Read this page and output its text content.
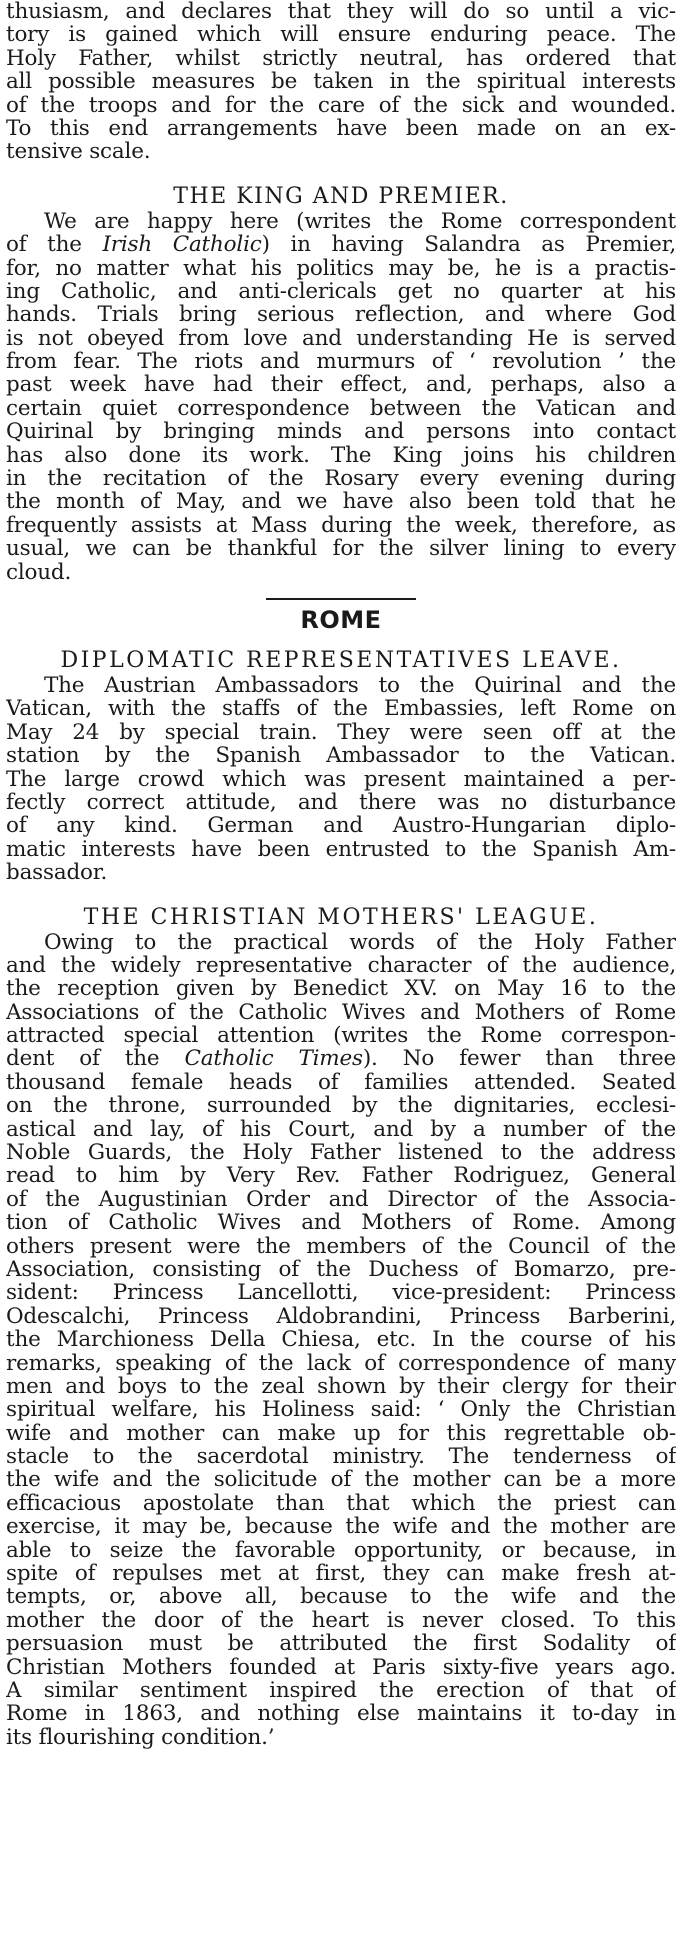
thusiasm, and declares that they will do so until a vic-
tory is gained which will ensure enduring peace. The
Holy Father, whilst strictly neutral, has ordered that
all possible measures be taken in the spiritual interests
of the troops and for the care of the sick and wounded.
To this end arrangements have been made on an ex-
tensive scale.
THE KING AND PREMIER.
We are happy here (writes the Rome correspondent
of the Irish Catholic) in having Salandra as Premier,
for, no matter what his politics may be, he is a practis-
ing Catholic, and anti-clericals get no quarter at his
hands. Trials bring serious reflection, and where God
is not obeyed from love and understanding He is served
from fear. The riots and murmurs of ‘ revolution ’ the
past week have had their effect, and, perhaps, also a
certain quiet correspondence between the Vatican and
Quirinal by bringing minds and persons into contact
has also done its work. The King joins his children
in the recitation of the Rosary every evening during
the month of May, and we have also been told that he
frequently assists at Mass during the week, therefore, as
usual, we can be thankful for the silver lining to every
cloud.
ROME
DIPLOMATIC REPRESENTATIVES LEAVE.
The Austrian Ambassadors to the Quirinal and the
Vatican, with the staffs of the Embassies, left Rome on
May 24 by special train. They were seen off at the
station by the Spanish Ambassador to the Vatican.
The large crowd which was present maintained a per-
fectly correct attitude, and there was no disturbance
of any kind. German and Austro-Hungarian diplo-
matic interests have been entrusted to the Spanish Am-
bassador.
THE CHRISTIAN MOTHERS' LEAGUE.
Owing to the practical words of the Holy Father
and the widely representative character of the audience,
the reception given by Benedict XV. on May 16 to the
Associations of the Catholic Wives and Mothers of Rome
attracted special attention (writes the Rome correspon-
dent of the Catholic Times). No fewer than three
thousand female heads of families attended. Seated
on the throne, surrounded by the dignitaries, ecclesi-
astical and lay, of his Court, and by a number of the
Noble Guards, the Holy Father listened to the address
read to him by Very Rev. Father Rodriguez, General
of the Augustinian Order and Director of the Associa-
tion of Catholic Wives and Mothers of Rome. Among
others present were the members of the Council of the
Association, consisting of the Duchess of Bomarzo, pre-
sident: Princess Lancellotti, vice-president: Princess
Odescalchi, Princess Aldobrandini, Princess Barberini,
the Marchioness Della Chiesa, etc. In the course of his
remarks, speaking of the lack of correspondence of many
men and boys to the zeal shown by their clergy for their
spiritual welfare, his Holiness said: ‘ Only the Christian
wife and mother can make up for this regrettable ob-
stacle to the sacerdotal ministry. The tenderness of
the wife and the solicitude of the mother can be a more
efficacious apostolate than that which the priest can
exercise, it may be, because the wife and the mother are
able to seize the favorable opportunity, or because, in
spite of repulses met at first, they can make fresh at-
tempts, or, above all, because to the wife and the
mother the door of the heart is never closed. To this
persuasion must be attributed the first Sodality of
Christian Mothers founded at Paris sixty-five years ago.
A similar sentiment inspired the erection of that of
Rome in 1863, and nothing else maintains it to-day in
its flourishing condition.’
